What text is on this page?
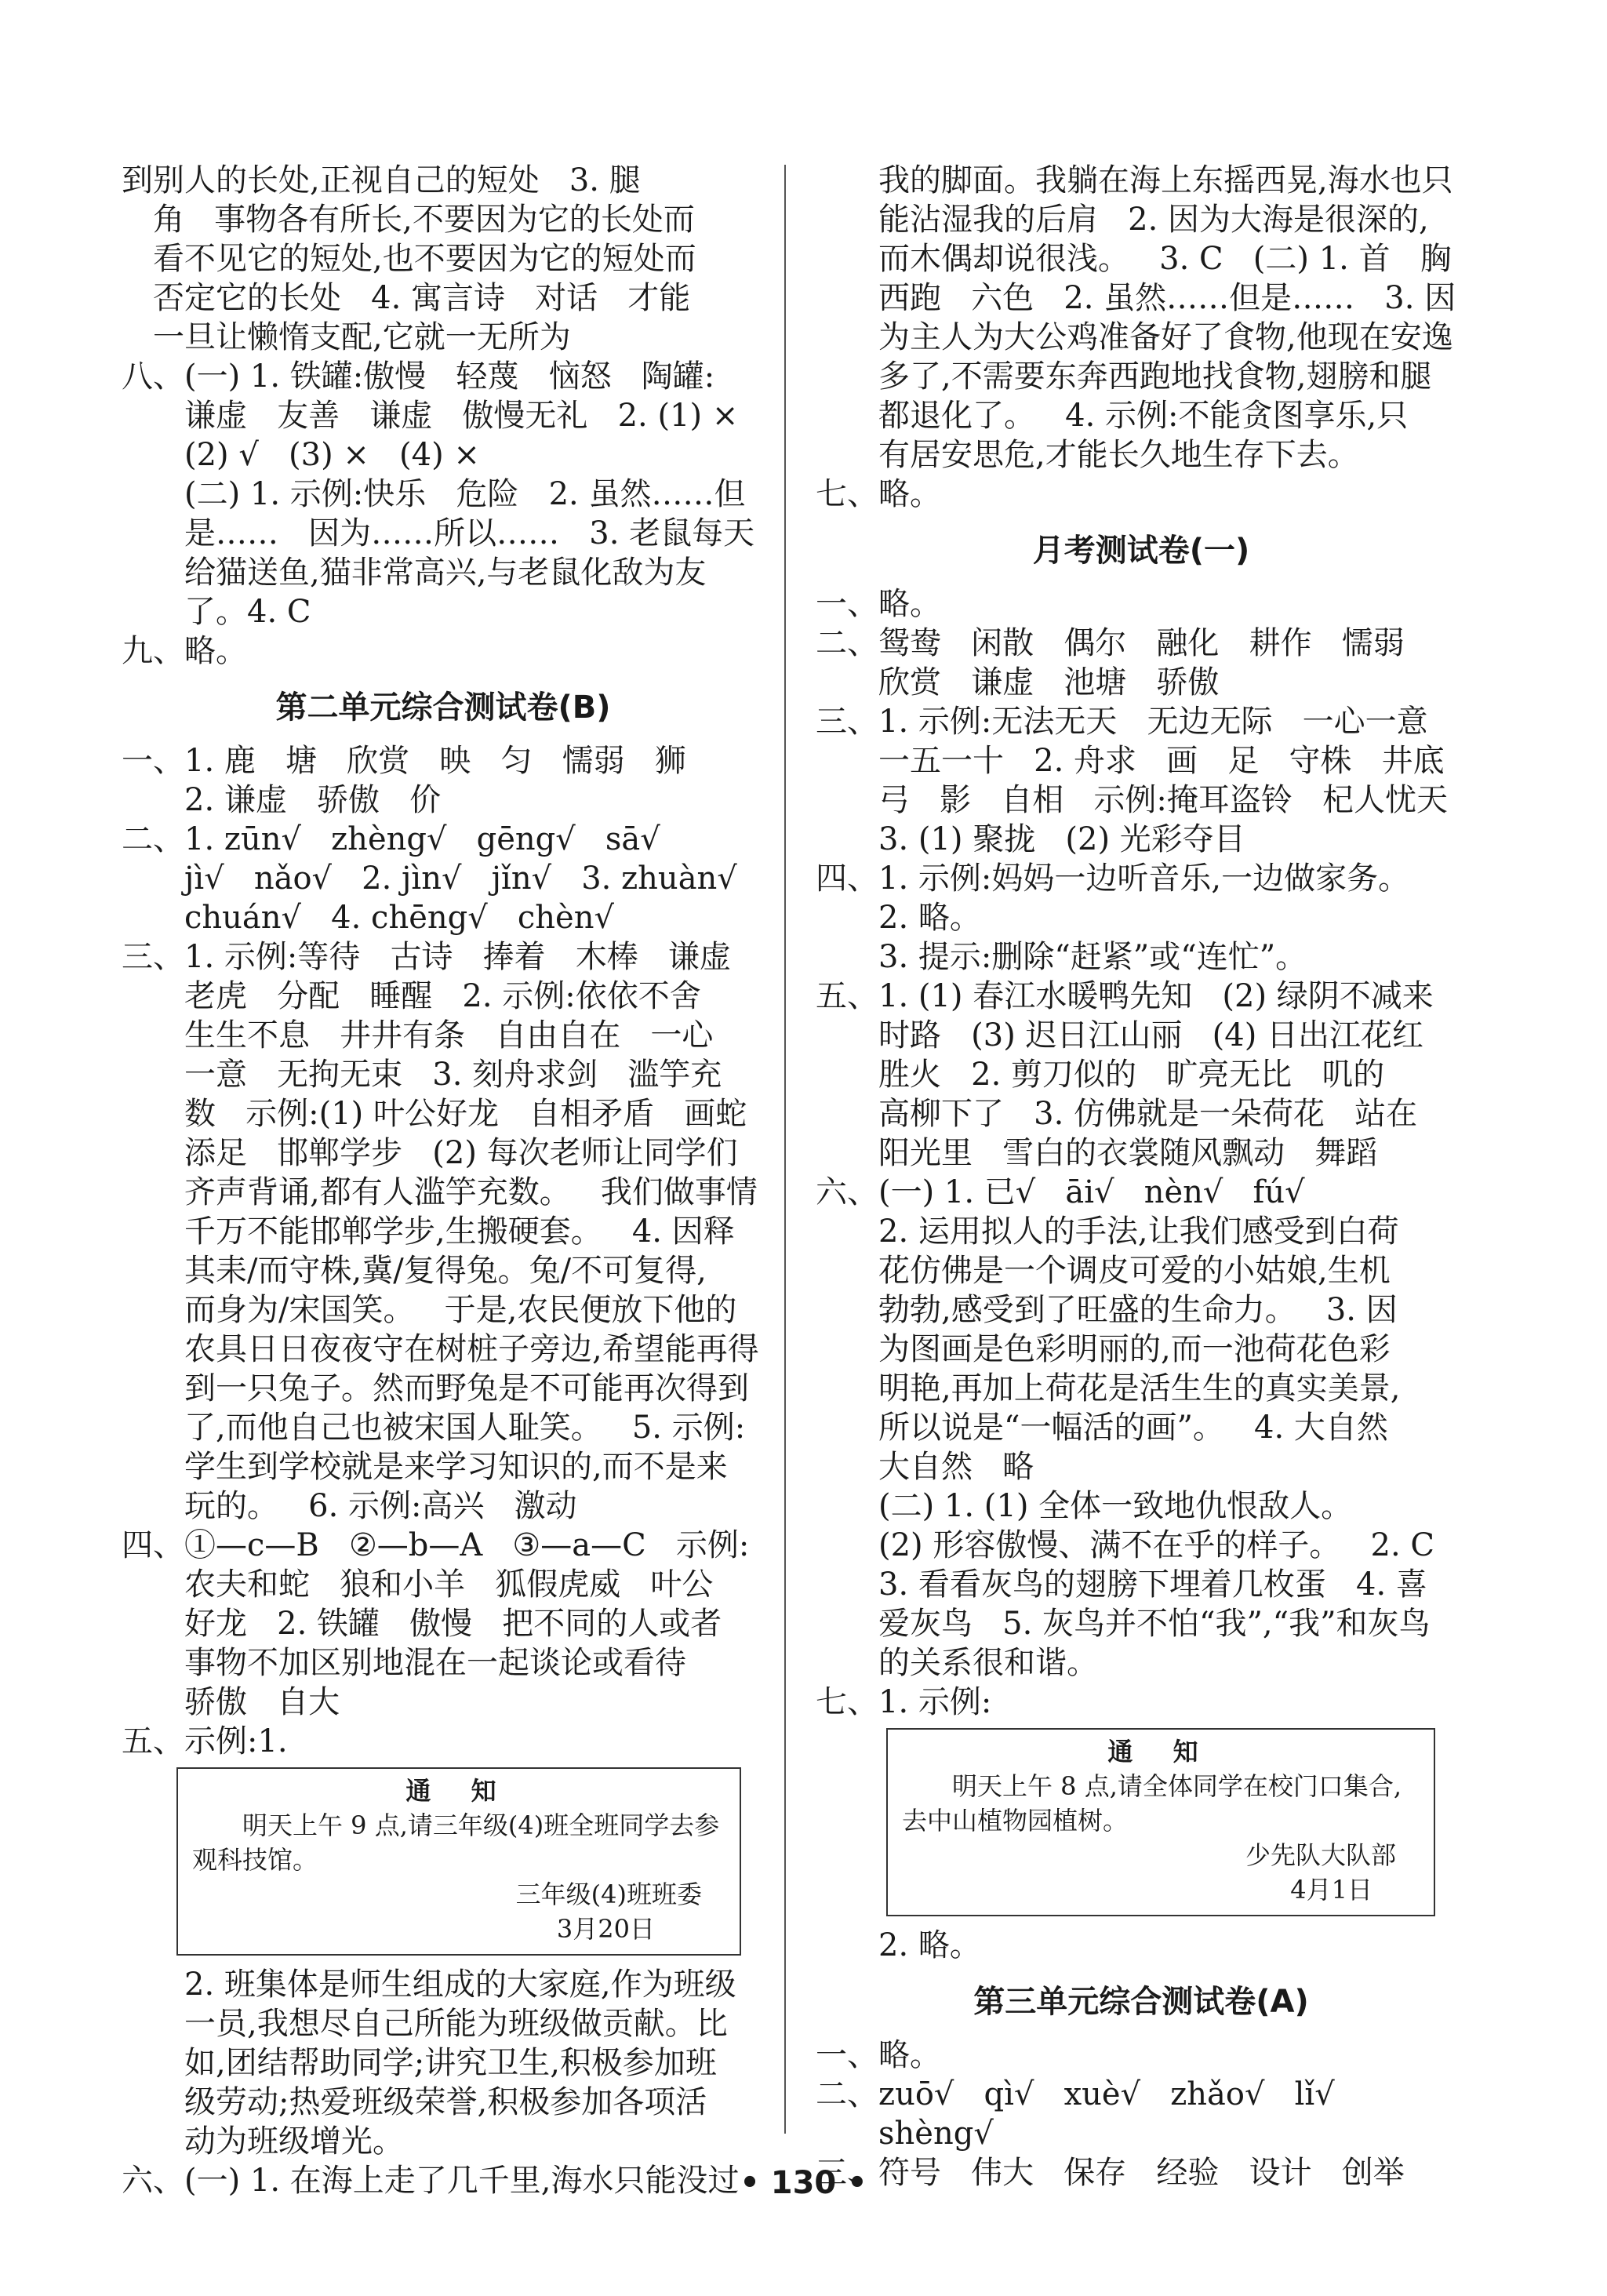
到别人的长处,正视自己的短处   3. 腿
角   事物各有所长,不要因为它的长处而
看不见它的短处,也不要因为它的短处而
否定它的长处   4. 寓言诗   对话   才能
一旦让懒惰支配,它就一无所为
八、(一) 1. 铁罐:傲慢   轻蔑   恼怒   陶罐:
谦虚   友善   谦虚   傲慢无礼   2. (1) ×
(2) √   (3) ×   (4) ×
(二) 1. 示例:快乐   危险   2. 虽然……但
是……   因为……所以……   3. 老鼠每天
给猫送鱼,猫非常高兴,与老鼠化敌为友
了。4. C
九、略。
第二单元综合测试卷(B)
一、1. 鹿   塘   欣赏   映   匀   懦弱   狮
2. 谦虚   骄傲   价
二、1. zūn√   zhèng√   gēng√   sā√
jì√   nǎo√   2. jìn√   jǐn√   3. zhuàn√
chuán√   4. chēng√   chèn√
三、1. 示例:等待   古诗   捧着   木棒   谦虚
老虎   分配   睡醒   2. 示例:依依不舍
生生不息   井井有条   自由自在   一心
一意   无拘无束   3. 刻舟求剑   滥竽充
数   示例:(1) 叶公好龙   自相矛盾   画蛇
添足   邯郸学步   (2) 每次老师让同学们
齐声背诵,都有人滥竽充数。   我们做事情
千万不能邯郸学步,生搬硬套。   4. 因释
其耒/而守株,冀/复得兔。兔/不可复得,
而身为/宋国笑。   于是,农民便放下他的
农具日日夜夜守在树桩子旁边,希望能再得
到一只兔子。然而野兔是不可能再次得到
了,而他自己也被宋国人耻笑。   5. 示例:
学生到学校就是来学习知识的,而不是来
玩的。   6. 示例:高兴   激动
四、①—c—B   ②—b—A   ③—a—C   示例:
农夫和蛇   狼和小羊   狐假虎威   叶公
好龙   2. 铁罐   傲慢   把不同的人或者
事物不加区别地混在一起谈论或看待
骄傲   自大
五、示例:1.
通 知
明天上午 9 点,请三年级(4)班全班同学去参观科技馆。
三年级(4)班班委
3月20日
2. 班集体是师生组成的大家庭,作为班级
一员,我想尽自己所能为班级做贡献。比
如,团结帮助同学;讲究卫生,积极参加班
级劳动;热爱班级荣誉,积极参加各项活
动为班级增光。
六、(一) 1. 在海上走了几千里,海水只能没过
我的脚面。我躺在海上东摇西晃,海水也只
能沾湿我的后肩   2. 因为大海是很深的,
而木偶却说很浅。   3. C   (二) 1. 首   胸
西跑   六色   2. 虽然……但是……   3. 因
为主人为大公鸡准备好了食物,他现在安逸
多了,不需要东奔西跑地找食物,翅膀和腿
都退化了。   4. 示例:不能贪图享乐,只
有居安思危,才能长久地生存下去。
七、略。
月考测试卷(一)
一、略。
二、鸳鸯   闲散   偶尔   融化   耕作   懦弱
欣赏   谦虚   池塘   骄傲
三、1. 示例:无法无天   无边无际   一心一意
一五一十   2. 舟求   画   足   守株   井底
弓   影   自相   示例:掩耳盗铃   杞人忧天
3. (1) 聚拢   (2) 光彩夺目
四、1. 示例:妈妈一边听音乐,一边做家务。
2. 略。
3. 提示:删除“赶紧”或“连忙”。
五、1. (1) 春江水暖鸭先知   (2) 绿阴不减来
时路   (3) 迟日江山丽   (4) 日出江花红
胜火   2. 剪刀似的   旷亮无比   叽的
高柳下了   3. 仿佛就是一朵荷花   站在
阳光里   雪白的衣裳随风飘动   舞蹈
六、(一) 1. 已√   āi√   nèn√   fú√
2. 运用拟人的手法,让我们感受到白荷
花仿佛是一个调皮可爱的小姑娘,生机
勃勃,感受到了旺盛的生命力。   3. 因
为图画是色彩明丽的,而一池荷花色彩
明艳,再加上荷花是活生生的真实美景,
所以说是“一幅活的画”。   4. 大自然
大自然   略
(二) 1. (1) 全体一致地仇恨敌人。
(2) 形容傲慢、满不在乎的样子。   2. C
3. 看看灰鸟的翅膀下埋着几枚蛋   4. 喜
爱灰鸟   5. 灰鸟并不怕“我”,“我”和灰鸟
的关系很和谐。
七、1. 示例:
通 知
明天上午 8 点,请全体同学在校门口集合,去中山植物园植树。
少先队大队部
4月1日
2. 略。
第三单元综合测试卷(A)
一、略。
二、zuō√   qì√   xuè√   zhǎo√   lǐ√
shèng√
三、符号   伟大   保存   经验   设计   创举
• 130 •
